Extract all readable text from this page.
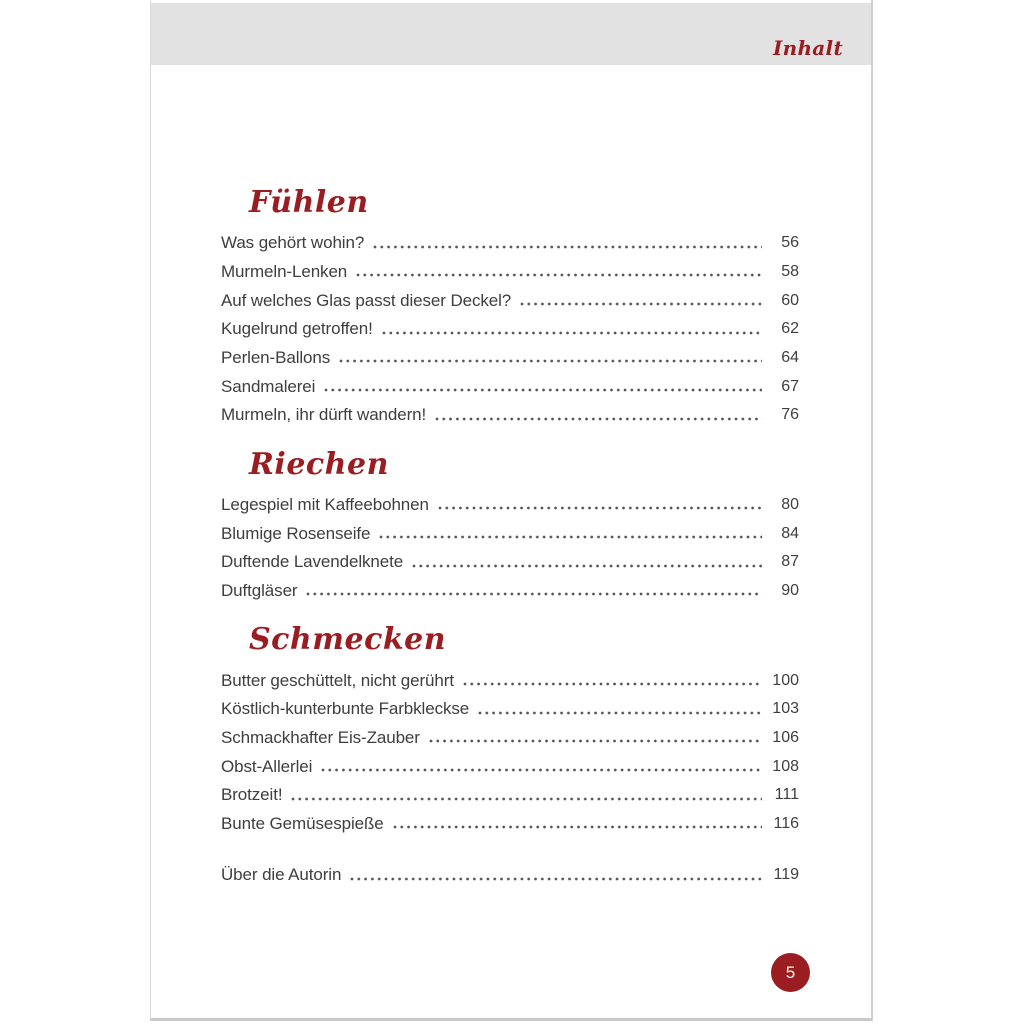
Inhalt
Fühlen
Was gehört wohin?	56
Murmeln-Lenken	58
Auf welches Glas passt dieser Deckel?	60
Kugelrund getroffen!	62
Perlen-Ballons	64
Sandmalerei	67
Murmeln, ihr dürft wandern!	76
Riechen
Legespiel mit Kaffeebohnen	80
Blumige Rosenseife	84
Duftende Lavendelknete	87
Duftgläser	90
Schmecken
Butter geschüttelt, nicht gerührt	100
Köstlich-kunterbunte Farbkleckse	103
Schmackhafter Eis-Zauber	106
Obst-Allerlei	108
Brotzeit!	111
Bunte Gemüsespieße	116
Über die Autorin	119
5
